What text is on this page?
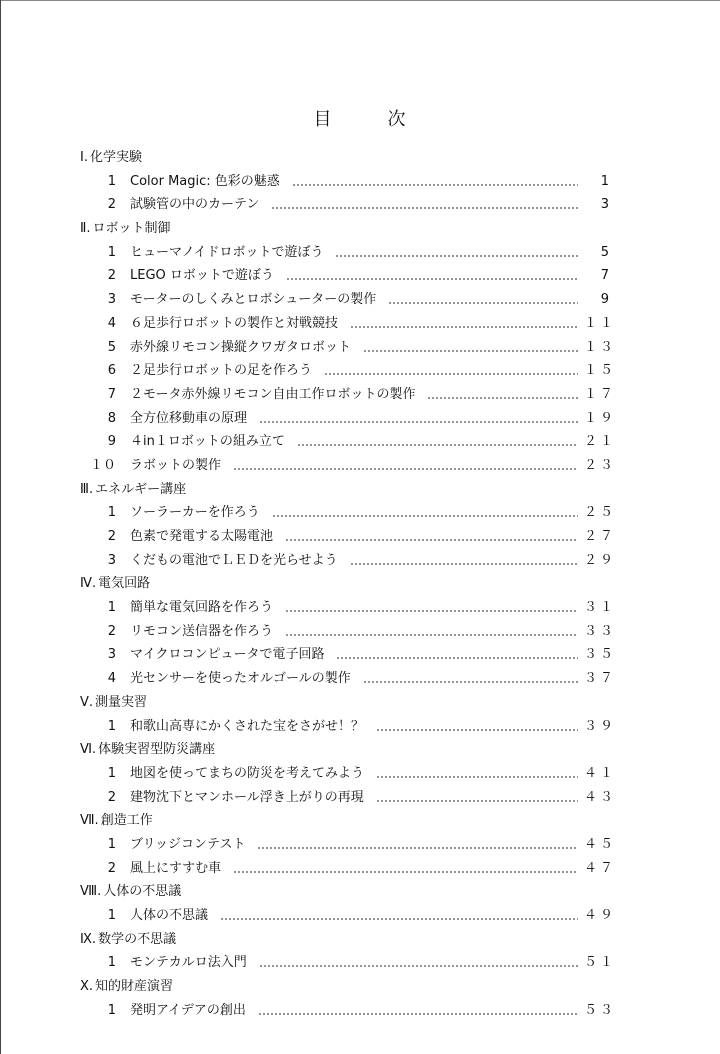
目	次
Ⅰ. 化学実験
1	Color Magic: 色彩の魅惑	1
2	試験管の中のカーテン	3
Ⅱ. ロボット制御
1	ヒューマノイドロボットで遊ぼう	5
2	LEGO ロボットで遊ぼう	7
3	モーターのしくみとロボシューターの製作	9
4	６足歩行ロボットの製作と対戦競技	１１
5	赤外線リモコン操縦クワガタロボット	１３
6	２足歩行ロボットの足を作ろう	１５
7	２モータ赤外線リモコン自由工作ロボットの製作	１７
8	全方位移動車の原理	１９
9	４in１ロボットの組み立て	２１
１０	ラボットの製作	２３
Ⅲ. エネルギー講座
1	ソーラーカーを作ろう	２５
2	色素で発電する太陽電池	２７
3	くだもの電池でＬＥＤを光らせよう	２９
Ⅳ. 電気回路
1	簡単な電気回路を作ろう	３１
2	リモコン送信器を作ろう	３３
3	マイクロコンピュータで電子回路	３５
4	光センサーを使ったオルゴールの製作	３７
Ⅴ. 測量実習
1	和歌山高専にかくされた宝をさがせ！？	３９
Ⅵ. 体験実習型防災講座
1	地図を使ってまちの防災を考えてみよう	４１
2	建物沈下とマンホール浮き上がりの再現	４３
Ⅶ. 創造工作
1	ブリッジコンテスト	４５
2	風上にすすむ車	４７
Ⅷ. 人体の不思議
1	人体の不思議	４９
Ⅸ. 数学の不思議
1	モンテカルロ法入門	５１
Ⅹ. 知的財産演習
1	発明アイデアの創出	５３
